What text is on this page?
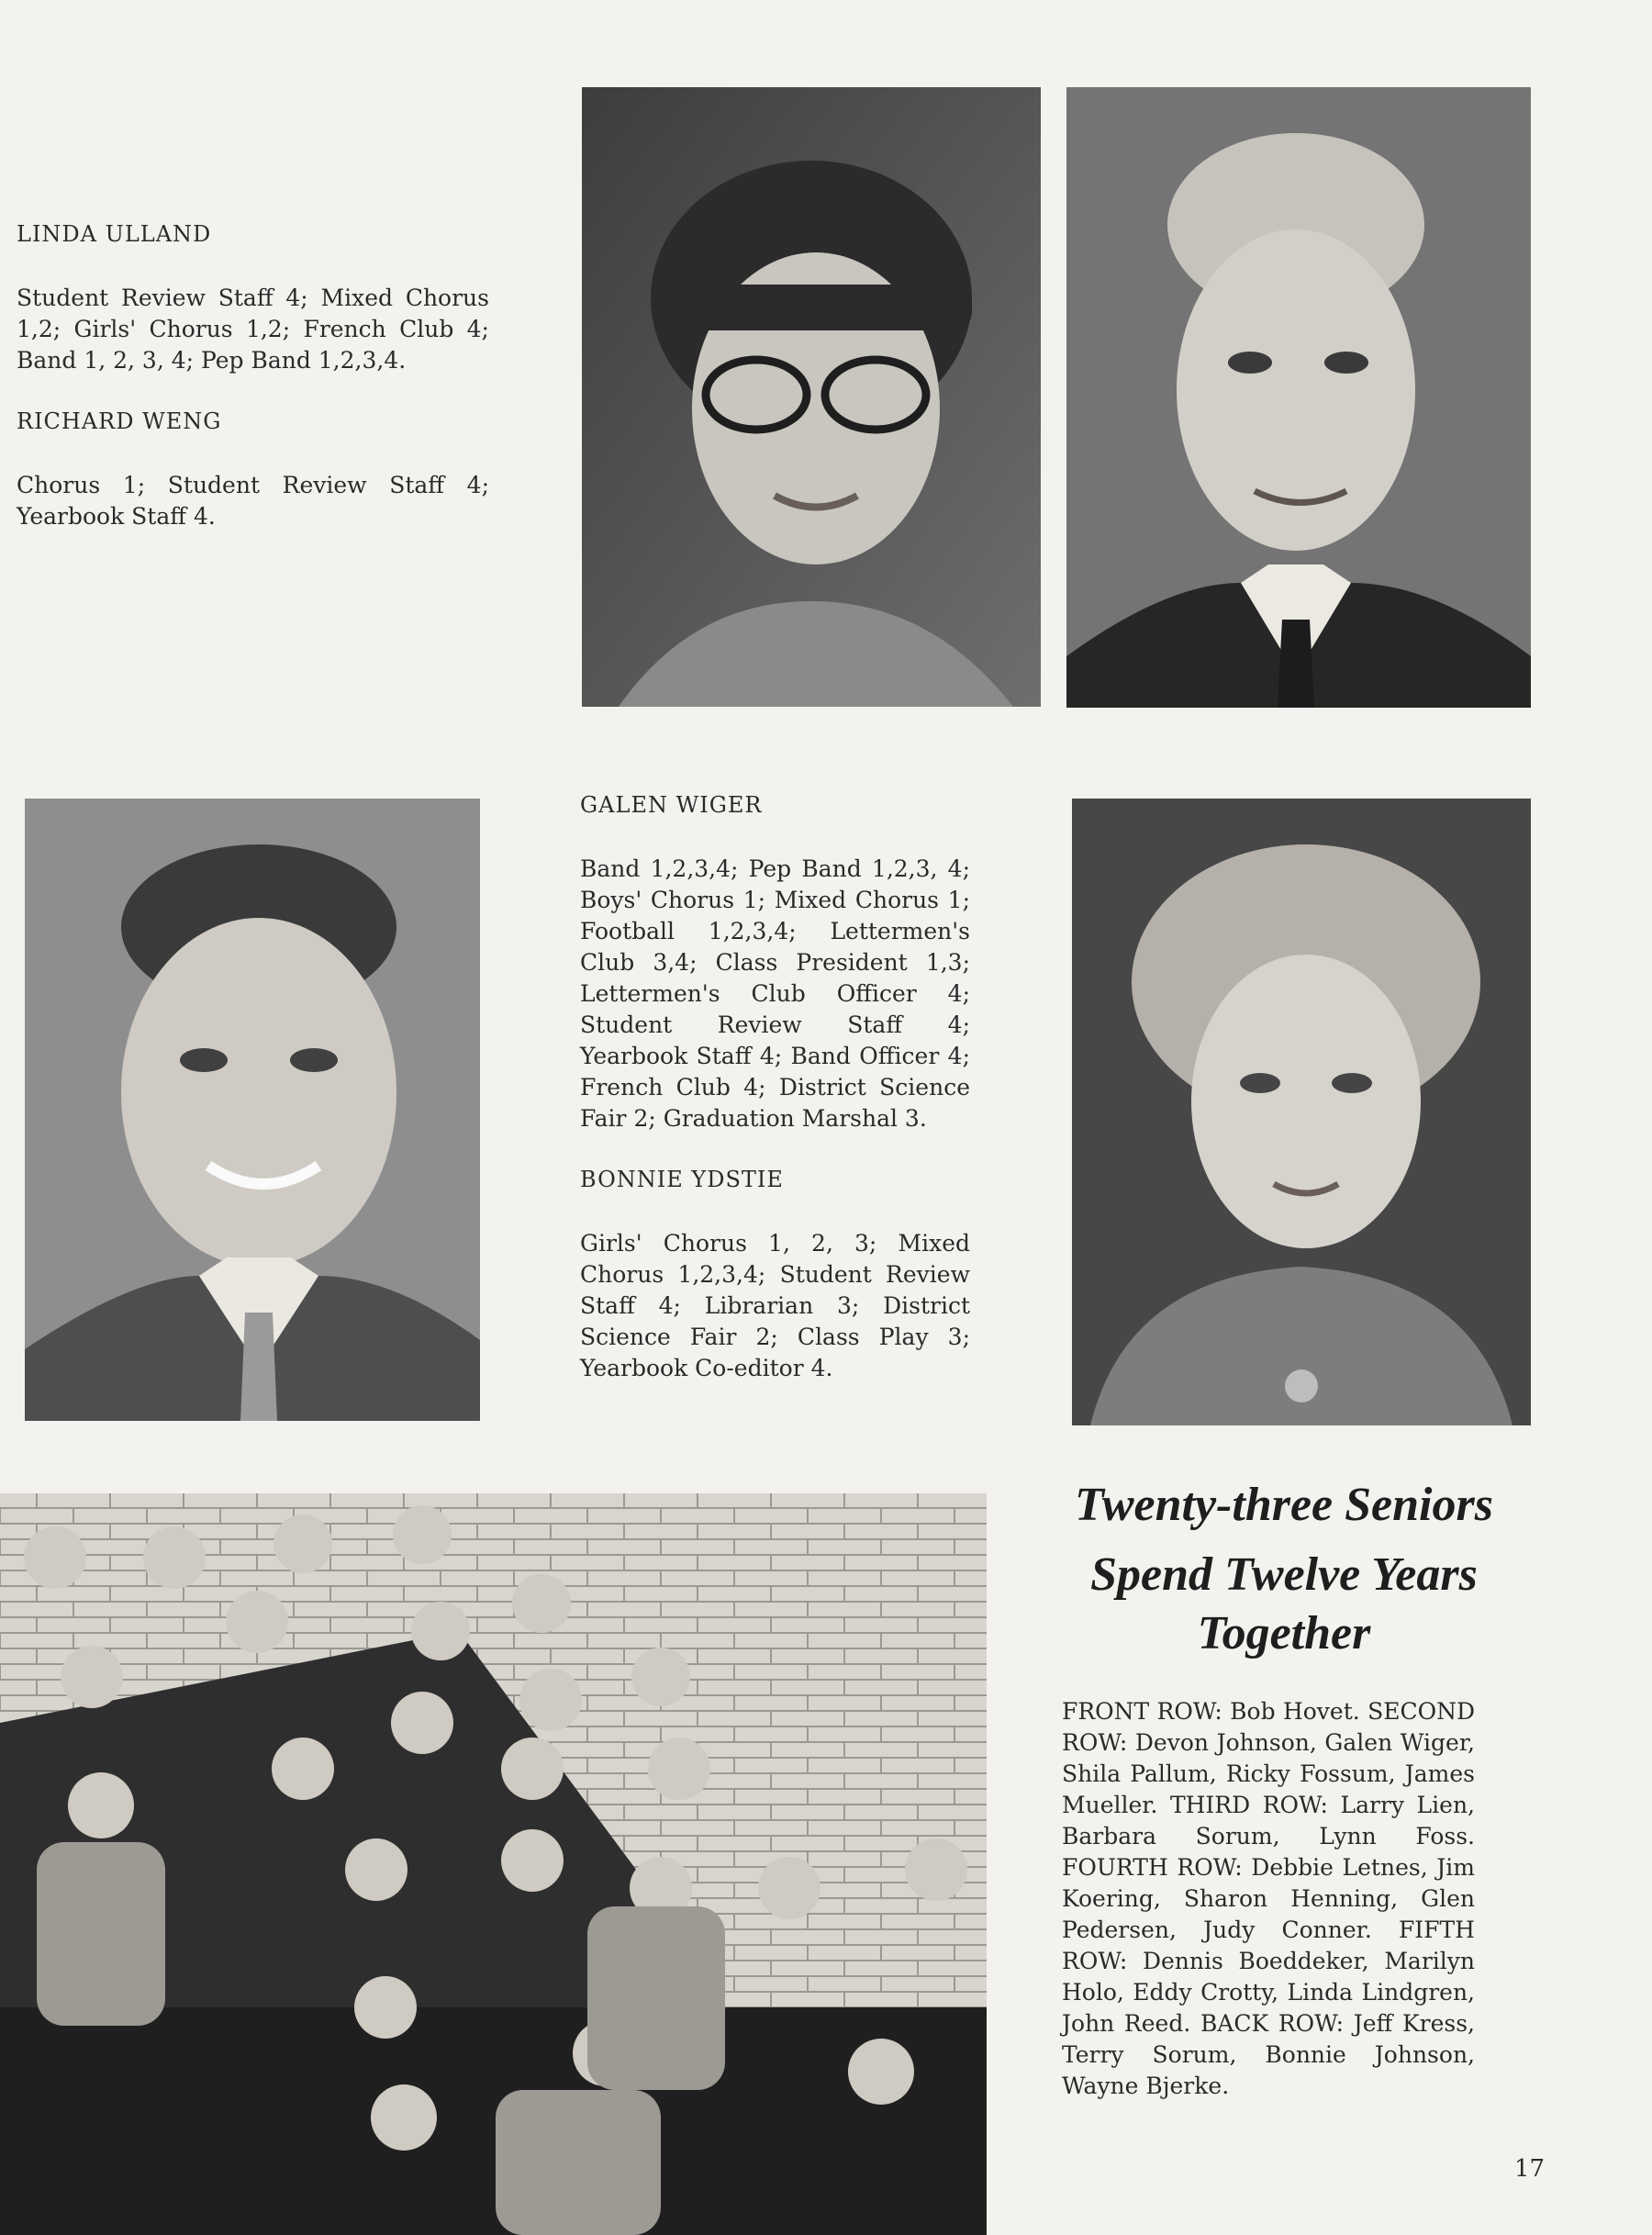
LINDA ULLAND

Student Review Staff 4; Mixed Chorus 1,2; Girls' Chorus 1,2; French Club 4; Band 1, 2, 3, 4; Pep Band 1,2,3,4.

RICHARD WENG

Chorus 1; Student Review Staff 4; Yearbook Staff 4.

GALEN WIGER

Band 1,2,3,4; Pep Band 1,2,3, 4; Boys' Chorus 1; Mixed Chorus 1; Football 1,2,3,4; Lettermen's Club 3,4; Class President 1,3; Lettermen's Club Officer 4; Student Review Staff 4; Yearbook Staff 4; Band Officer 4; French Club 4; District Science Fair 2; Graduation Marshal 3.

BONNIE YDSTIE

Girls' Chorus 1, 2, 3; Mixed Chorus 1,2,3,4; Student Review Staff 4; Librarian 3; District Science Fair 2; Class Play 3; Yearbook Co-editor 4.

Twenty-three Seniors
Spend Twelve Years
Together

FRONT ROW: Bob Hovet. SECOND ROW: Devon Johnson, Galen Wiger, Shila Pallum, Ricky Fossum, James Mueller. THIRD ROW: Larry Lien, Barbara Sorum, Lynn Foss. FOURTH ROW: Debbie Letnes, Jim Koering, Sharon Henning, Glen Pedersen, Judy Conner. FIFTH ROW: Dennis Boeddeker, Marilyn Holo, Eddy Crotty, Linda Lindgren, John Reed. BACK ROW: Jeff Kress, Terry Sorum, Bonnie Johnson, Wayne Bjerke.

17
